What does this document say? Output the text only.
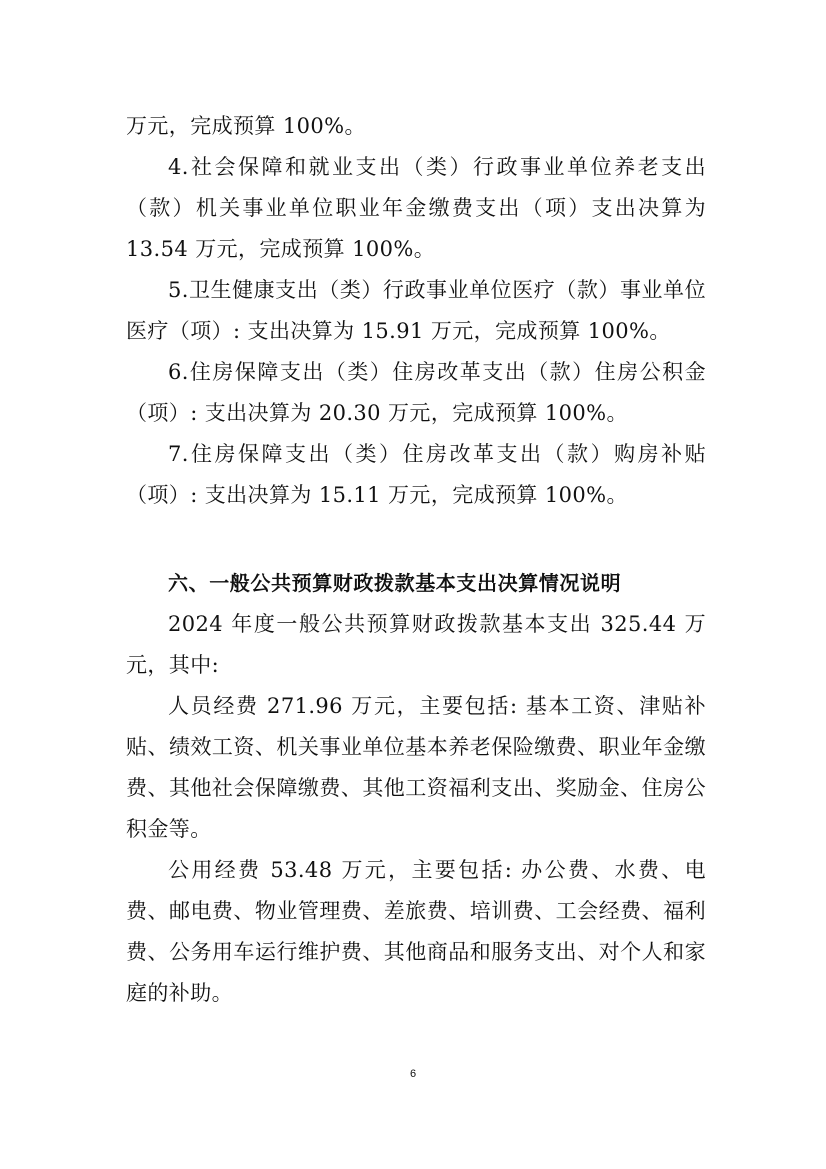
万元，完成预算 100%。

4.社会保障和就业支出（类）行政事业单位养老支出（款）机关事业单位职业年金缴费支出（项）支出决算为 13.54 万元，完成预算 100%。

5.卫生健康支出（类）行政事业单位医疗（款）事业单位医疗（项）: 支出决算为 15.91 万元，完成预算 100%。

6.住房保障支出（类）住房改革支出（款）住房公积金（项）: 支出决算为 20.30 万元，完成预算 100%。

7.住房保障支出（类）住房改革支出（款）购房补贴（项）: 支出决算为 15.11 万元，完成预算 100%。

六、一般公共预算财政拨款基本支出决算情况说明

2024 年度一般公共预算财政拨款基本支出 325.44 万元，其中:

人员经费 271.96 万元，主要包括: 基本工资、津贴补贴、绩效工资、机关事业单位基本养老保险缴费、职业年金缴费、其他社会保障缴费、其他工资福利支出、奖励金、住房公积金等。

公用经费 53.48 万元，主要包括: 办公费、水费、电费、邮电费、物业管理费、差旅费、培训费、工会经费、福利费、公务用车运行维护费、其他商品和服务支出、对个人和家庭的补助。

6
